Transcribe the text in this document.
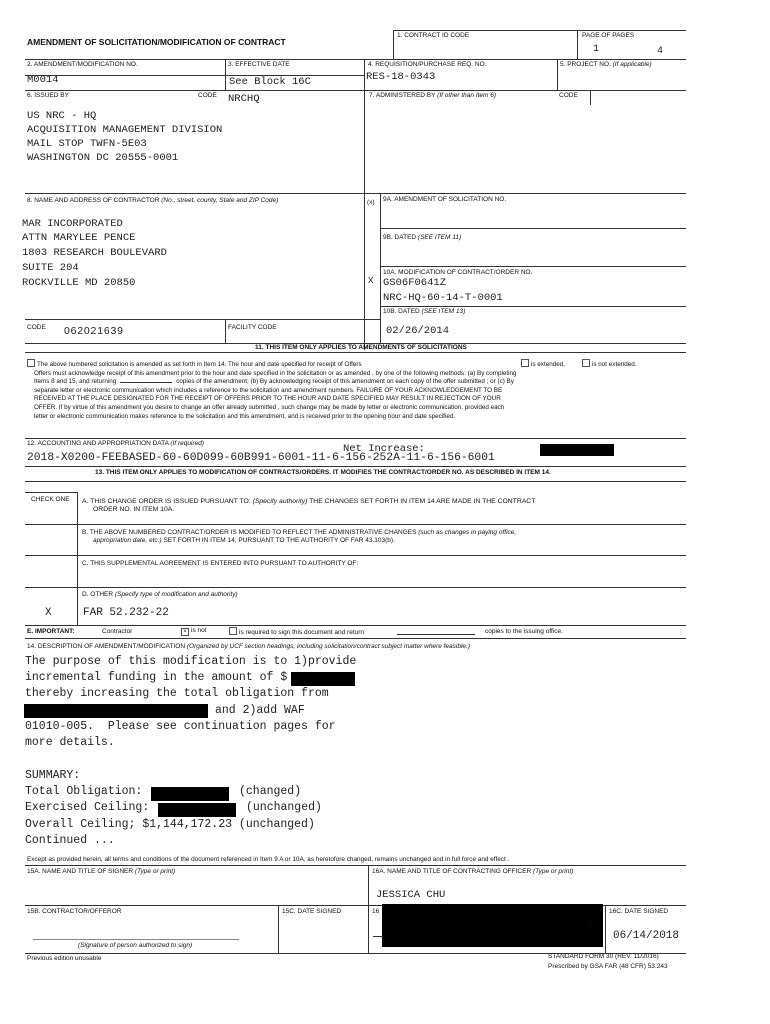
AMENDMENT OF SOLICITATION/MODIFICATION OF CONTRACT
1. CONTRACT ID CODE	PAGE OF PAGES
1	4
2. AMENDMENT/MODIFICATION NO.
M0014
3. EFFECTIVE DATE
See Block 16C
4. REQUISITION/PURCHASE REQ. NO.
RES-18-0343
5. PROJECT NO. (If applicable)
6. ISSUED BY	CODE NRCHQ	7. ADMINISTERED BY (If other than Item 6)	CODE
US NRC - HQ
ACQUISITION MANAGEMENT DIVISION
MAIL STOP TWFN-5E03
WASHINGTON DC 20555-0001
8. NAME AND ADDRESS OF CONTRACTOR (No., street, county, State and ZIP Code)
MAR INCORPORATED
ATTN MARYLEE PENCE
1803 RESEARCH BOULEVARD
SUITE 204
ROCKVILLE MD 20850
CODE 062021639	FACILITY CODE
(x) 9A. AMENDMENT OF SOLICITATION NO.
9B. DATED (SEE ITEM 11)
10A. MODIFICATION OF CONTRACT/ORDER NO.
X GS06F0641Z
NRC-HQ-60-14-T-0001
10B. DATED (SEE ITEM 13)
02/26/2014
11. THIS ITEM ONLY APPLIES TO AMENDMENTS OF SOLICITATIONS
The above numbered solicitation is amended as set forth in Item 14. The hour and date specified for receipt of Offers	is extended,	is not extended.
Offers must acknowledge receipt of this amendment prior to the hour and date specified in the solicitation or as amended , by one of the following methods: (a) By completing
Items 8 and 15, and returning	copies of the amendment; (b) By acknowledging receipt of this amendment on each copy of the offer submitted ; or (c) By
separate letter or electronic communication which includes a reference to the solicitation and amendment numbers. FAILURE OF YOUR ACKNOWLEDGEMENT TO BE
RECEIVED AT THE PLACE DESIGNATED FOR THE RECEIPT OF OFFERS PRIOR TO THE HOUR AND DATE SPECIFIED MAY RESULT IN REJECTION OF YOUR
OFFER. If by virtue of this amendment you desire to change an offer already submitted , such change may be made by letter or electronic communication, provided each
letter or electronic communication makes reference to the solicitation and this amendment, and is received prior to the opening hour and date specified.
12. ACCOUNTING AND APPROPRIATION DATA (If required)	Net Increase:
2018-X0200-FEEBASED-60-60D099-60B991-6001-11-6-156-252A-11-6-156-6001
13. THIS ITEM ONLY APPLIES TO MODIFICATION OF CONTRACTS/ORDERS. IT MODIFIES THE CONTRACT/ORDER NO. AS DESCRIBED IN ITEM 14.
CHECK ONE A. THIS CHANGE ORDER IS ISSUED PURSUANT TO: (Specify authority) THE CHANGES SET FORTH IN ITEM 14 ARE MADE IN THE CONTRACT
ORDER NO. IN ITEM 10A.
B. THE ABOVE NUMBERED CONTRACT/ORDER IS MODIFIED TO REFLECT THE ADMINISTRATIVE CHANGES (such as changes in paying office,
appropriation date, etc.) SET FORTH IN ITEM 14, PURSUANT TO THE AUTHORITY OF FAR 43.103(b).
C. THIS SUPPLEMENTAL AGREEMENT IS ENTERED INTO PURSUANT TO AUTHORITY OF:
D. OTHER (Specify type of modification and authority)
X	FAR 52.232-22
E. IMPORTANT:	Contractor	× is not	is required to sign this document and return	copies to the issuing office.
14. DESCRIPTION OF AMENDMENT/MODIFICATION (Organized by UCF section headings, including solicitation/contract subject matter where feasible.)
The purpose of this modification is to 1)provide
incremental funding in the amount of $
thereby increasing the total obligation from
and 2)add WAF
01010-005.  Please see continuation pages for
more details.
SUMMARY:
Total Obligation:	(changed)
Exercised Ceiling:	(unchanged)
Overall Ceiling; $1,144,172.23 (unchanged)
Continued ...
Except as provided herein, all terms and conditions of the document referenced in Item 9 A or 10A, as heretofore changed, remains unchanged and in full force and effect .
15A. NAME AND TITLE OF SIGNER (Type or print)	16A. NAME AND TITLE OF CONTRACTING OFFICER (Type or print)
JESSICA CHU
15B. CONTRACTOR/OFFEROR
(Signature of person authorized to sign)
15C. DATE SIGNED	16
>
16C. DATE SIGNED
06/14/2018
Previous edition unusable	STANDARD FORM 30 (REV. 11/2016)
Prescribed by GSA FAR (48 CFR) 53.243
